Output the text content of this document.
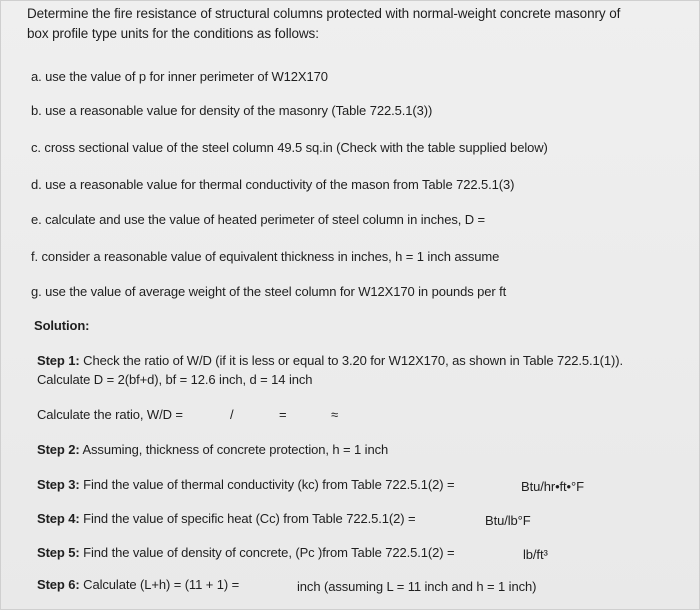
Determine the fire resistance of structural columns protected with normal-weight concrete masonry of
box profile type units for the conditions as follows:
a. use the value of p for inner perimeter of W12X170
b. use a reasonable value for density of the masonry (Table 722.5.1(3))
c. cross sectional value of the steel column 49.5 sq.in (Check with the table supplied below)
d. use a reasonable value for thermal conductivity of the mason from Table 722.5.1(3)
e. calculate and use the value of heated perimeter of steel column in inches, D =
f. consider a reasonable value of equivalent thickness in inches, h = 1 inch assume
g. use the value of average weight of the steel column for W12X170 in pounds per ft
Solution:
Step 1: Check the ratio of W/D (if it is less or equal to 3.20 for W12X170, as shown in Table 722.5.1(1)).
Calculate D = 2(bf+d), bf = 12.6 inch, d = 14 inch
Calculate the ratio, W/D =	/	=	≈
Step 2: Assuming, thickness of concrete protection, h = 1 inch
Step 3: Find the value of thermal conductivity (kc) from Table 722.5.1(2) =	Btu/hr•ft•°F
Step 4: Find the value of specific heat (Cc) from Table 722.5.1(2) =	Btu/lb°F
Step 5: Find the value of density of concrete, (Pc )from Table 722.5.1(2) =	lb/ft³
Step 6: Calculate (L+h) = (11 + 1) =	inch (assuming L = 11 inch and h = 1 inch)
